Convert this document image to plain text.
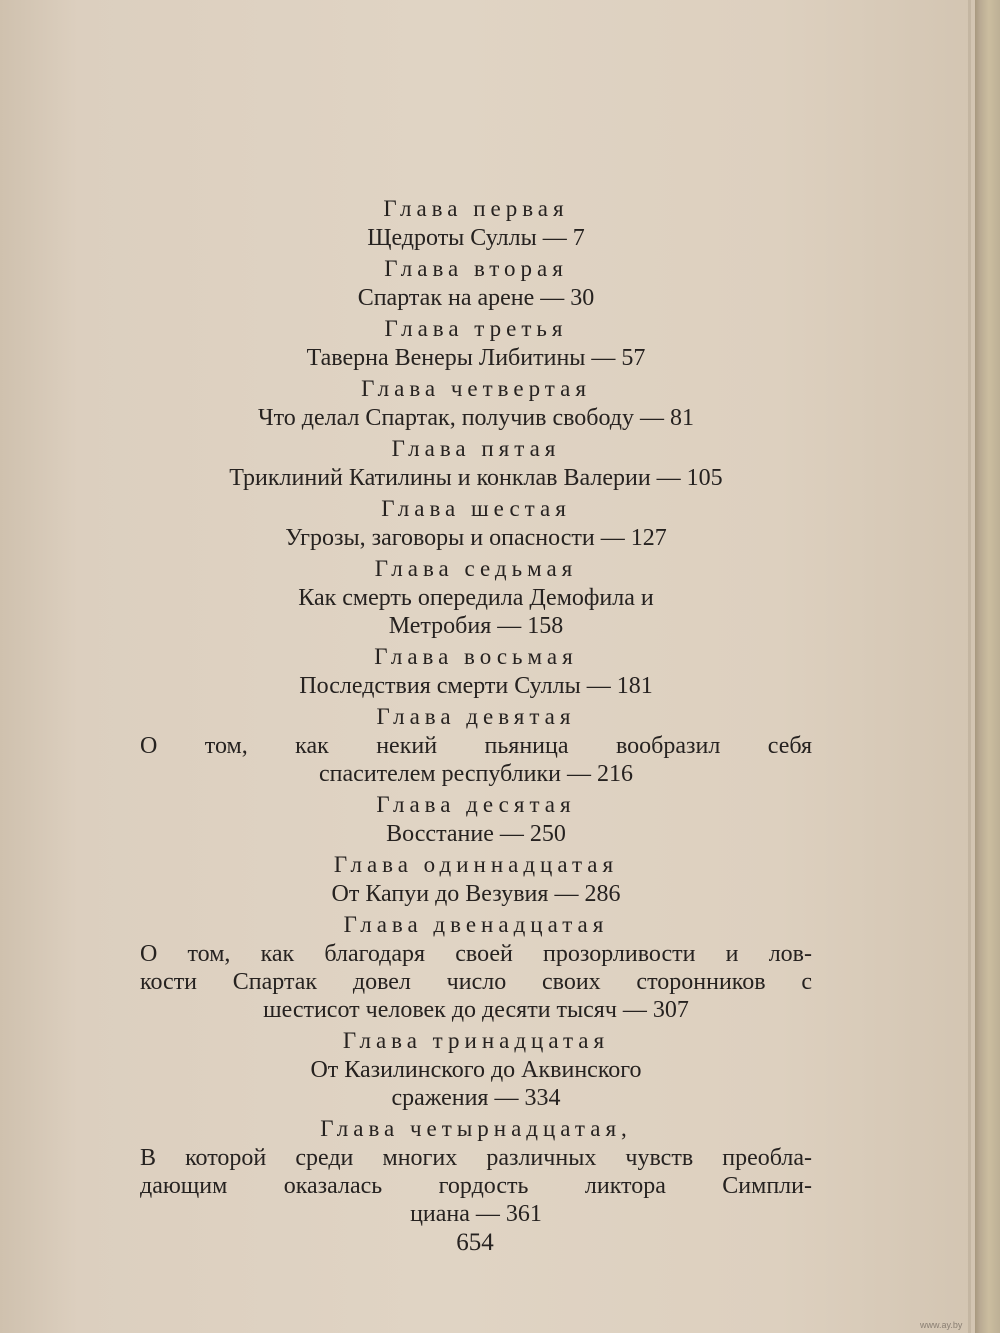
Глава первая
Щедроты Суллы — 7
Глава вторая
Спартак на арене — 30
Глава третья
Таверна Венеры Либитины — 57
Глава четвертая
Что делал Спартак, получив свободу — 81
Глава пятая
Триклиний Катилины и конклав Валерии — 105
Глава шестая
Угрозы, заговоры и опасности — 127
Глава седьмая
Как смерть опередила Демофила и
Метробия — 158
Глава восьмая
Последствия смерти Суллы — 181
Глава девятая
О том, как некий пьяница вообразил себя
спасителем республики — 216
Глава десятая
Восстание — 250
Глава одиннадцатая
От Капуи до Везувия — 286
Глава двенадцатая
О том, как благодаря своей прозорливости и лов-
кости Спартак довел число своих сторонников с
шестисот человек до десяти тысяч — 307
Глава тринадцатая
От Казилинского до Аквинского
сражения — 334
Глава четырнадцатая,
В которой среди многих различных чувств преобла-
дающим оказалась гордость ликтора Симпли-
циана — 361
654
www.ay.by
